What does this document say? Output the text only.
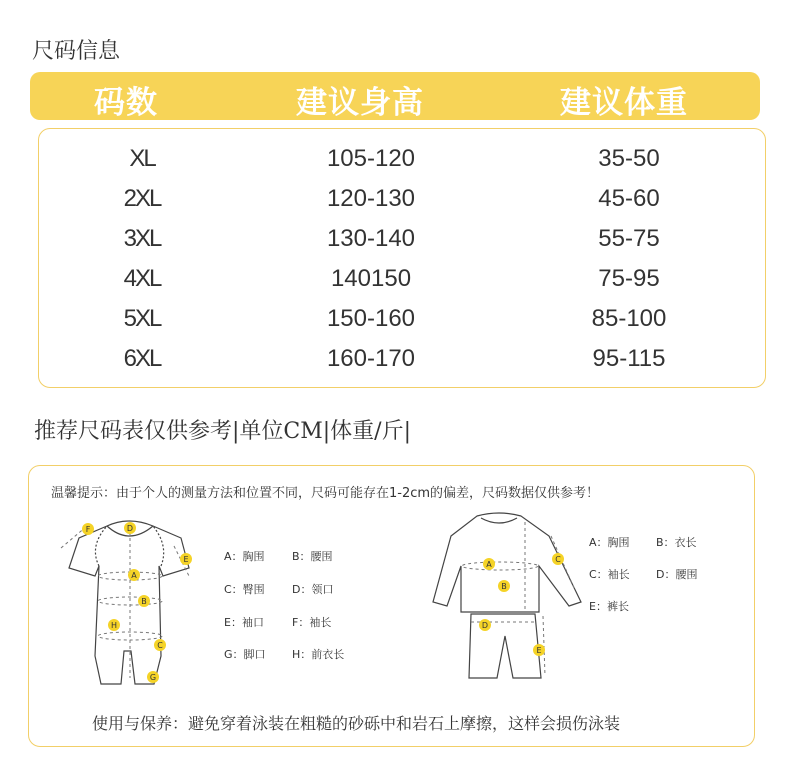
尺码信息
码数	建议身高	建议体重
XL	105-120	35-50
2XL	120-130	45-60
3XL	130-140	55-75
4XL	140150	75-95
5XL	150-160	85-100
6XL	160-170	95-115
推荐尺码表仅供参考|单位CM|体重/斤|
温馨提示：由于个人的测量方法和位置不同，尺码可能存在1-2cm的偏差，尺码数据仅供参考！
F	D
E
A
B
H
C
G
A：胸围 B：腰围
C：臀围 D：领口
E：袖口	F：袖长
G：脚口 H：前衣长
A
B
C
D
E
A：胸围 B：衣长
C：袖长 D：腰围
E：裤长
使用与保养：避免穿着泳装在粗糙的砂砾中和岩石上摩擦，这样会损伤泳装
